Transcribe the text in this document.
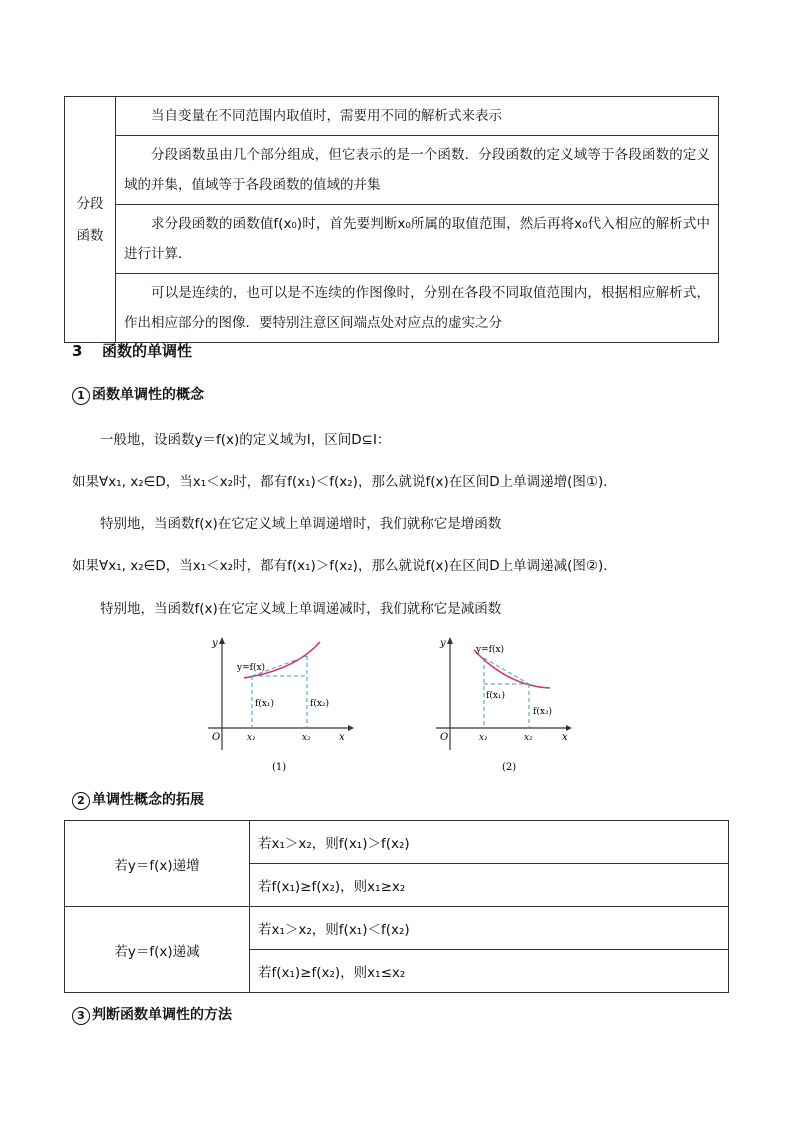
分段函数	当自变量在不同范围内取值时，需要用不同的解析式来表示
分段函数虽由几个部分组成，但它表示的是一个函数．分段函数的定义域等于各段函数的定义域的并集，值域等于各段函数的值域的并集
求分段函数的函数值f(x₀)时，首先要判断x₀所属的取值范围，然后再将x₀代入相应的解析式中进行计算．
可以是连续的，也可以是不连续的作图像时，分别在各段不同取值范围内，根据相应解析式，作出相应部分的图像．要特别注意区间端点处对应点的虚实之分
3 函数的单调性
1 函数单调性的概念
一般地，设函数y＝f(x)的定义域为I，区间D⊆I：
如果∀x₁, x₂∈D，当x₁＜x₂时，都有f(x₁)＜f(x₂)，那么就说f(x)在区间D上单调递增(图①)．
特别地，当函数f(x)在它定义域上单调递增时，我们就称它是增函数
如果∀x₁, x₂∈D，当x₁＜x₂时，都有f(x₁)＞f(x₂)，那么就说f(x)在区间D上单调递减(图②)．
特别地，当函数f(x)在它定义域上单调递减时，我们就称它是减函数
y
x
O
y=f(x)
f(x₁)	f(x₂)
x₁	x₂
(1)
y
x
O
y=f(x)
f(x₁)
f(x₂)
x₁	x₂
(2)
2 单调性概念的拓展
若y＝f(x)递增	若x₁＞x₂，则f(x₁)＞f(x₂)
	若f(x₁)≥f(x₂)，则x₁≥x₂
若y＝f(x)递减	若x₁＞x₂，则f(x₁)＜f(x₂)
	若f(x₁)≥f(x₂)，则x₁≤x₂
3 判断函数单调性的方法
